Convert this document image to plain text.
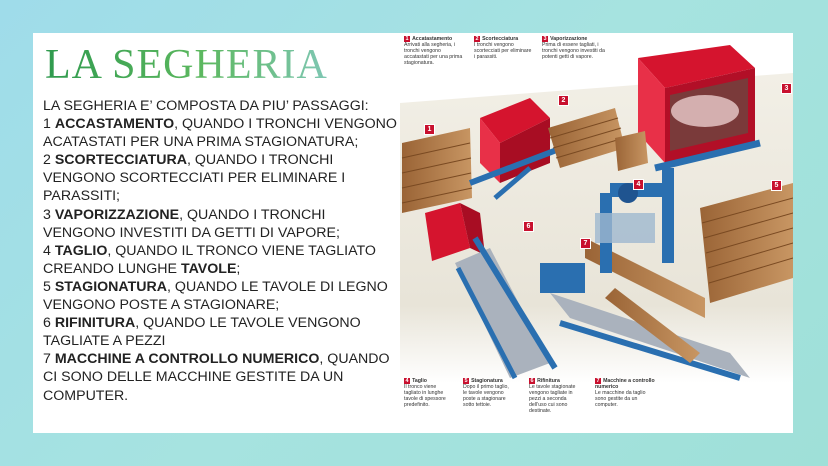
LA SEGHERIA

LA SEGHERIA E’ COMPOSTA DA PIU’ PASSAGGI:

1 ACCASTAMENTO, QUANDO I TRONCHI VENGONO ACATASTATI PER UNA PRIMA STAGIONATURA;

2 SCORTECCIATURA, QUANDO I TRONCHI VENGONO SCORTECCIATI PER ELIMINARE I PARASSITI;

3 VAPORIZZAZIONE, QUANDO I TRONCHI VENGONO INVESTITI DA GETTI DI VAPORE;

4 TAGLIO, QUANDO IL TRONCO VIENE TAGLIATO CREANDO LUNGHE TAVOLE;

5 STAGIONATURA, QUANDO LE TAVOLE DI LEGNO VENGONO POSTE A STAGIONARE;

6 RIFINITURA, QUANDO LE TAVOLE VENGONO TAGLIATE A PEZZI

7 MACCHINE A CONTROLLO NUMERICO, QUANDO CI SONO DELLE MACCHINE GESTITE DA UN COMPUTER.

1
2
3
4	5
6
7
1 Accatastamento
Arrivati alla segheria, i tronchi vengono accatastati per una prima stagionatura.
2 Scortecciatura
I tronchi vengono scortecciati per eliminare i parassiti.
3 Vaporizzazione
Prima di essere tagliati, i tronchi vengono investiti da potenti getti di vapore.
4 Taglio
Il tronco viene tagliato in lunghe tavole di spessore predefinito.
5 Stagionatura
Dopo il primo taglio, le tavole vengono poste a stagionare sotto tettoie.
6 Rifinitura
Le tavole stagionate vengono tagliate in pezzi a seconda dell’uso cui sono destinate.
7 Macchine a controllo numerico
Le macchine da taglio sono gestite da un computer.
